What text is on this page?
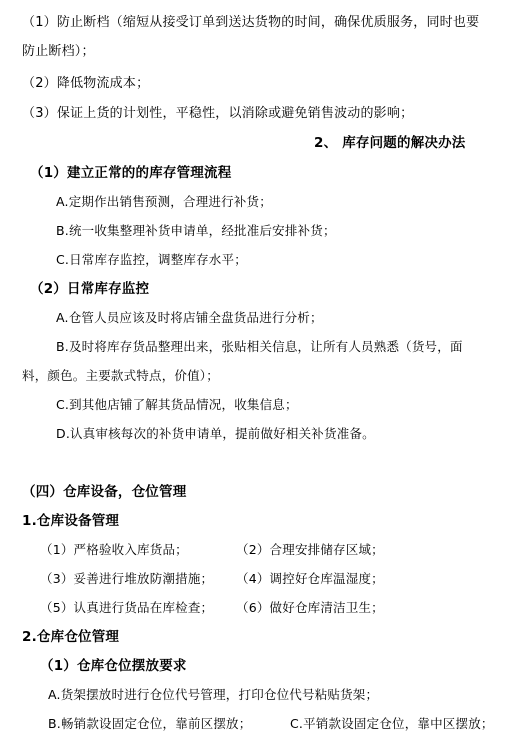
（1）防止断档（缩短从接受订单到送达货物的时间，确保优质服务，同时也要
防止断档）；
（2）降低物流成本；
（3）保证上货的计划性，平稳性，以消除或避免销售波动的影响；
2、 库存问题的解决办法
（1）建立正常的的库存管理流程
A.定期作出销售预测，合理进行补货；
B.统一收集整理补货申请单，经批准后安排补货；
C.日常库存监控，调整库存水平；
（2）日常库存监控
A.仓管人员应该及时将店铺全盘货品进行分析；
B.及时将库存货品整理出来，张贴相关信息，让所有人员熟悉（货号，面
料，颜色。主要款式特点，价值）；
C.到其他店铺了解其货品情况，收集信息；
D.认真审核每次的补货申请单，提前做好相关补货准备。
（四）仓库设备，仓位管理
1.仓库设备管理
（1）严格验收入库货品；	（2）合理安排储存区域；
（3）妥善进行堆放防潮措施； （4）调控好仓库温湿度；
（5）认真进行货品在库检查； （6）做好仓库清洁卫生；
2.仓库仓位管理
（1）仓库仓位摆放要求
A.货架摆放时进行仓位代号管理，打印仓位代号粘贴货架；
B.畅销款设固定仓位，靠前区摆放；	C.平销款设固定仓位，靠中区摆放；
